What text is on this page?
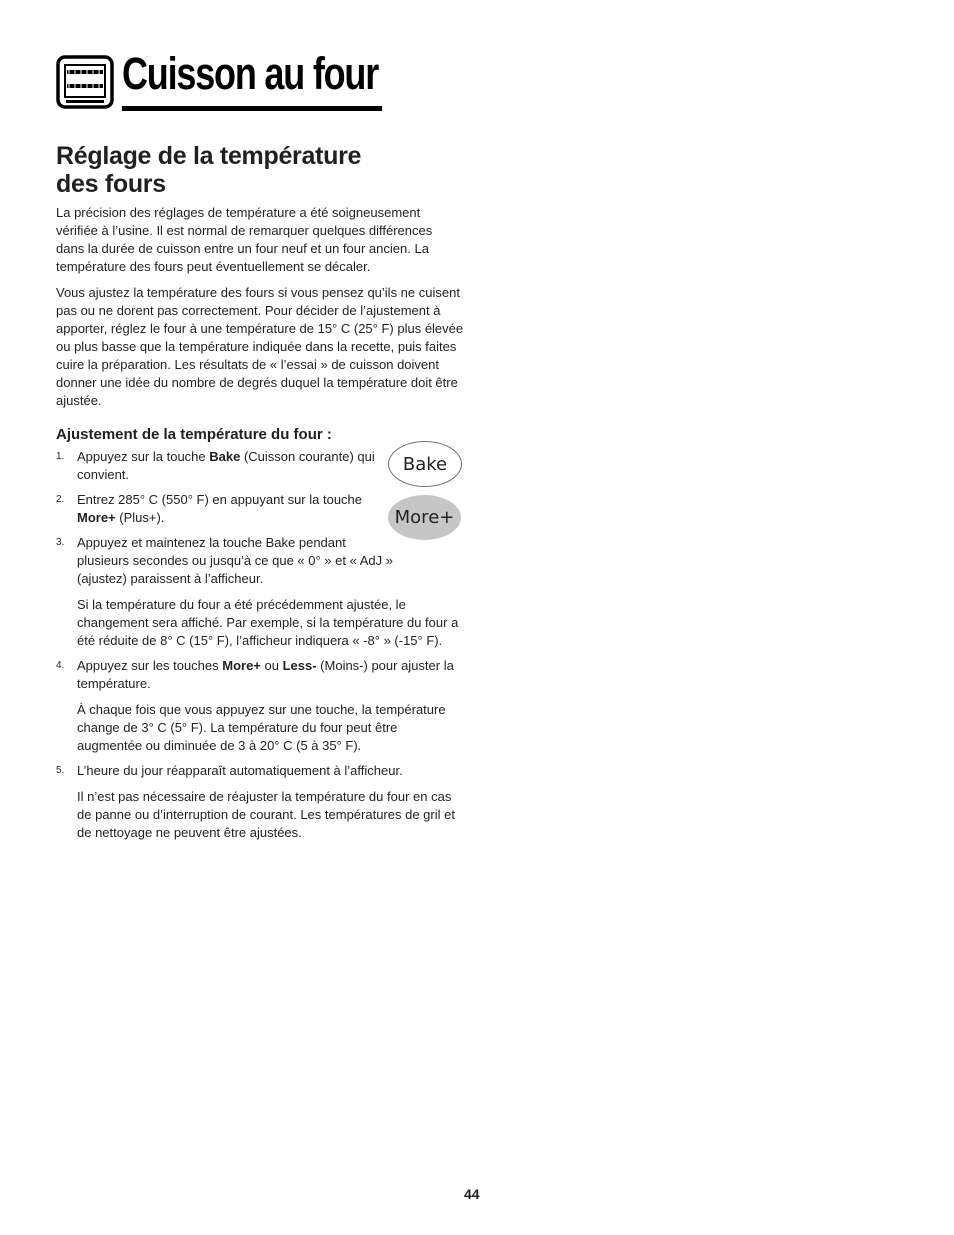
Cuisson au four
Réglage de la température
des fours

La précision des réglages de température a été soigneusement vérifiée à l’usine. Il est normal de remarquer quelques différences dans la durée de cuisson entre un four neuf et un four ancien. La température des fours peut éventuellement se décaler.

Vous ajustez la température des fours si vous pensez qu’ils ne cuisent pas ou ne dorent pas correctement. Pour décider de l’ajustement à apporter, réglez le four à une température de 15° C (25° F) plus élevée ou plus basse que la température indiquée dans la recette, puis faites cuire la préparation. Les résultats de « l’essai » de cuisson doivent donner une idée du nombre de degrés duquel la température doit être ajustée.

Ajustement de la température du four :
1. Appuyez sur la touche Bake (Cuisson courante) qui convient.
2. Entrez 285° C (550° F) en appuyant sur la touche More+ (Plus+).
3. Appuyez et maintenez la touche Bake pendant plusieurs secondes ou jusqu’à ce que « 0° » et « AdJ » (ajustez) paraissent à l’afficheur.

Si la température du four a été précédemment ajustée, le changement sera affiché. Par exemple, si la température du four a été réduite de 8° C (15° F), l’afficheur indiquera « -8° » (-15° F).

4. Appuyez sur les touches More+ ou Less- (Moins-) pour ajuster la température.

À chaque fois que vous appuyez sur une touche, la température change de 3° C (5° F). La température du four peut être augmentée ou diminuée de 3 à 20° C (5 à 35° F).

5. L’heure du jour réapparaît automatiquement à l’afficheur.

Il n’est pas nécessaire de réajuster la température du four en cas de panne ou d’interruption de courant. Les températures de gril et de nettoyage ne peuvent être ajustées.

Bake
More+
44
